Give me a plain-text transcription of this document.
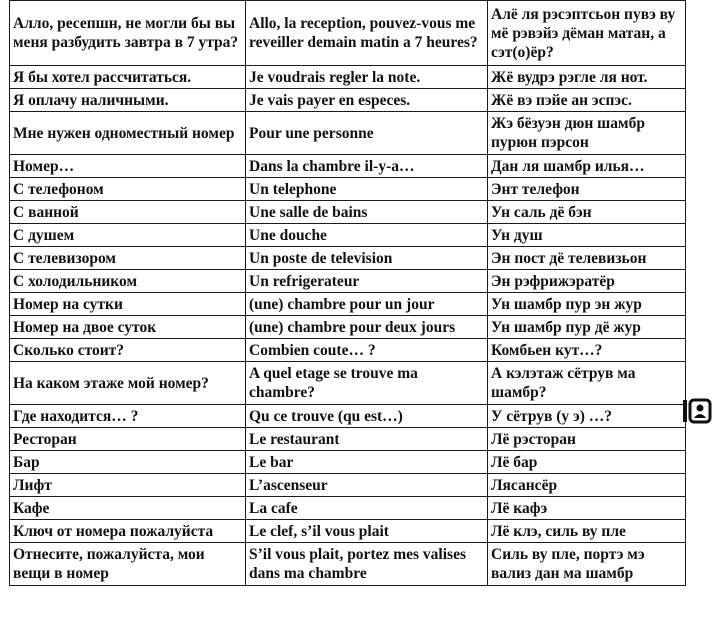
Алло, ресепшн, не могли бы вы меня разбудить завтра в 7 утра?	Allo, la reception, pouvez-vous me reveiller demain matin a 7 heures?	Алё ля рэсэптсьон пувэ ву мё рэвэйэ дёман матан, а сэт(о)ёр?
Я бы хотел рассчитаться.	Je voudrais regler la note.	Жё вудрэ рэгле ля нот.
Я оплачу наличными.	Je vais payer en especes.	Жё вэ пэйе ан эспэс.
Мне нужен одноместный номер	Pour une personne	Жэ бёзуэн дюн шамбр пурюн пэрсон
Номер…	Dans la chambre il-y-a…	Дан ля шамбр илья…
С телефоном	Un telephone	Энт телефон
С ванной	Une salle de bains	Ун саль дё бэн
С душем	Une douche	Ун душ
С телевизором	Un poste de television	Эн пост дё телевизьон
С холодильником	Un refrigerateur	Эн рэфрижэратёр
Номер на сутки	(une) chambre pour un jour	Ун шамбр пур эн жур
Номер на двое суток	(une) chambre pour deux jours	Ун шамбр пур дё жур
Сколько стоит?	Combien coute… ?	Комбьен кут…?
На каком этаже мой номер?	A quel etage se trouve ma chambre?	А кэлэтаж сётрув ма шамбр?
Где находится… ?	Qu ce trouve (qu est…)	У сётрув (у э) …?
Ресторан	Le restaurant	Лё рэсторан
Бар	Le bar	Лё бар
Лифт	L’ascenseur	Лясансёр
Кафе	La cafe	Лё кафэ
Ключ от номера пожалуйста	Le clef, s’il vous plait	Лё клэ, силь ву пле
Отнесите, пожалуйста, мои вещи в номер	S’il vous plait, portez mes valises dans ma chambre	Силь ву пле, портэ мэ вализ дан ма шамбр
